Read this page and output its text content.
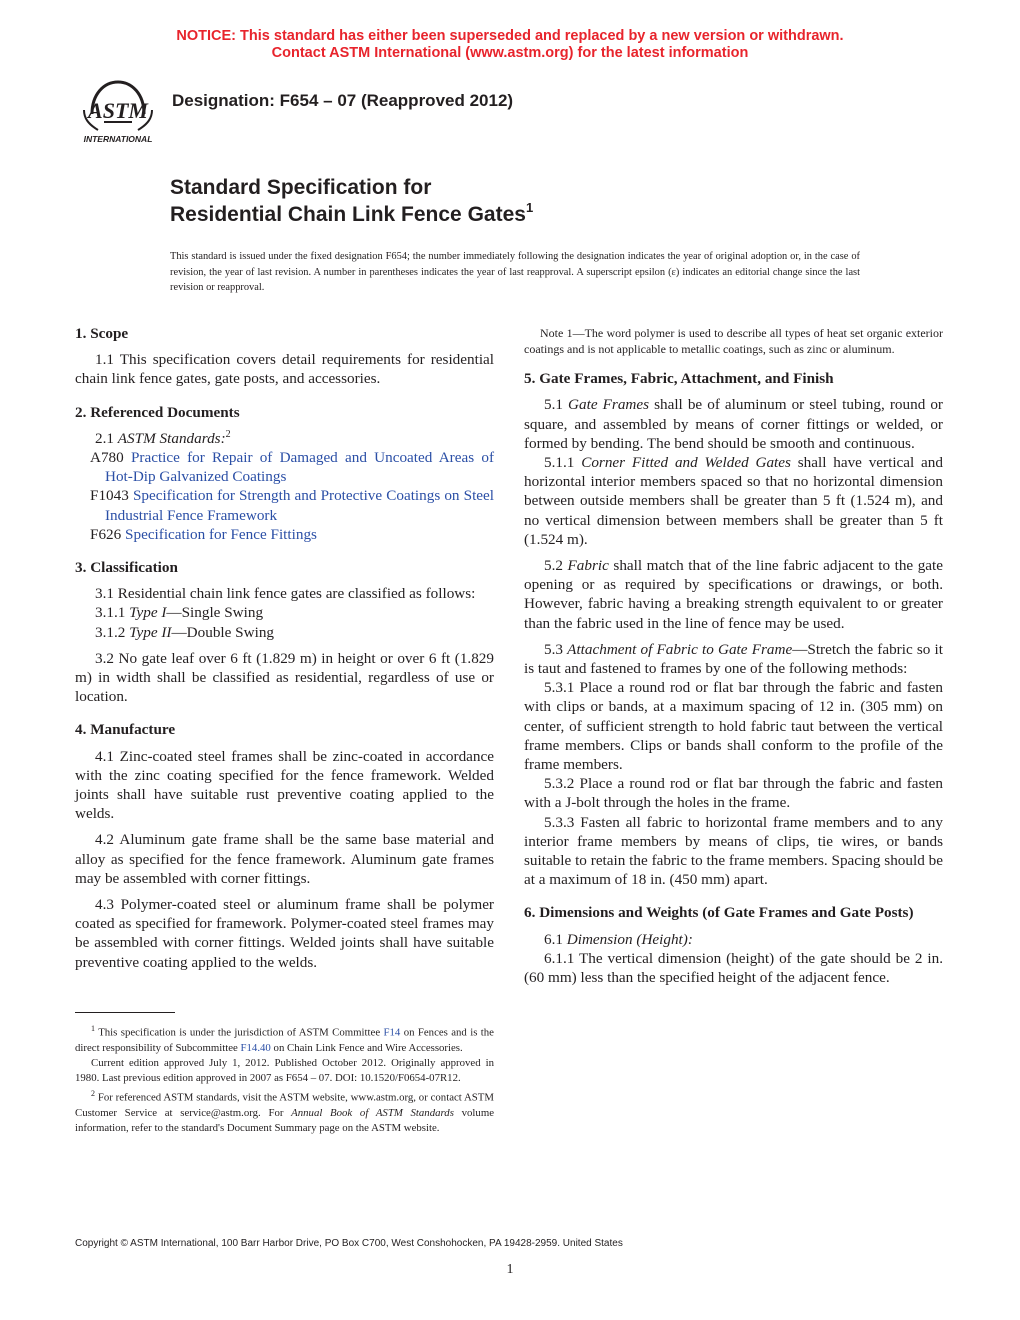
NOTICE: This standard has either been superseded and replaced by a new version or withdrawn.
Contact ASTM International (www.astm.org) for the latest information
ASTM
INTERNATIONAL
Designation: F654 – 07 (Reapproved 2012)
Standard Specification for
Residential Chain Link Fence Gates$^1$
This standard is issued under the fixed designation F654; the number immediately following the designation indicates the year of original adoption or, in the case of revision, the year of last revision. A number in parentheses indicates the year of last reapproval. A superscript epsilon (ε) indicates an editorial change since the last revision or reapproval.

1. Scope

1.1 This specification covers detail requirements for residential chain link fence gates, gate posts, and accessories.

2. Referenced Documents

2.1 ASTM Standards:$^2$

A780 Practice for Repair of Damaged and Uncoated Areas of Hot-Dip Galvanized Coatings

F1043 Specification for Strength and Protective Coatings on Steel Industrial Fence Framework

F626 Specification for Fence Fittings

3. Classification

3.1 Residential chain link fence gates are classified as follows:

3.1.1 Type I—Single Swing

3.1.2 Type II—Double Swing

3.2 No gate leaf over 6 ft (1.829 m) in height or over 6 ft (1.829 m) in width shall be classified as residential, regardless of use or location.

4. Manufacture

4.1 Zinc-coated steel frames shall be zinc-coated in accordance with the zinc coating specified for the fence framework. Welded joints shall have suitable rust preventive coating applied to the welds.

4.2 Aluminum gate frame shall be the same base material and alloy as specified for the fence framework. Aluminum gate frames may be assembled with corner fittings.

4.3 Polymer-coated steel or aluminum frame shall be polymer coated as specified for framework. Polymer-coated steel frames may be assembled with corner fittings. Welded joints shall have suitable preventive coating applied to the welds.

$^1$ This specification is under the jurisdiction of ASTM Committee F14 on Fences and is the direct responsibility of Subcommittee F14.40 on Chain Link Fence and Wire Accessories.

Current edition approved July 1, 2012. Published October 2012. Originally approved in 1980. Last previous edition approved in 2007 as F654 – 07. DOI: 10.1520/F0654-07R12.

$^2$ For referenced ASTM standards, visit the ASTM website, www.astm.org, or contact ASTM Customer Service at service@astm.org. For Annual Book of ASTM Standards volume information, refer to the standard's Document Summary page on the ASTM website.

Note 1—The word polymer is used to describe all types of heat set organic exterior coatings and is not applicable to metallic coatings, such as zinc or aluminum.

5. Gate Frames, Fabric, Attachment, and Finish

5.1 Gate Frames shall be of aluminum or steel tubing, round or square, and assembled by means of corner fittings or welded, or formed by bending. The bend should be smooth and continuous.

5.1.1 Corner Fitted and Welded Gates shall have vertical and horizontal interior members spaced so that no horizontal dimension between outside members shall be greater than 5 ft (1.524 m), and no vertical dimension between members shall be greater than 5 ft (1.524 m).

5.2 Fabric shall match that of the line fabric adjacent to the gate opening or as required by specifications or drawings, or both. However, fabric having a breaking strength equivalent to or greater than the fabric used in the line of fence may be used.

5.3 Attachment of Fabric to Gate Frame—Stretch the fabric so it is taut and fastened to frames by one of the following methods:

5.3.1 Place a round rod or flat bar through the fabric and fasten with clips or bands, at a maximum spacing of 12 in. (305 mm) on center, of sufficient strength to hold fabric taut between the vertical frame members. Clips or bands shall conform to the profile of the frame members.

5.3.2 Place a round rod or flat bar through the fabric and fasten with a J-bolt through the holes in the frame.

5.3.3 Fasten all fabric to horizontal frame members and to any interior frame members by means of clips, tie wires, or bands suitable to retain the fabric to the frame members. Spacing should be at a maximum of 18 in. (450 mm) apart.

6. Dimensions and Weights (of Gate Frames and Gate Posts)

6.1 Dimension (Height):

6.1.1 The vertical dimension (height) of the gate should be 2 in. (60 mm) less than the specified height of the adjacent fence.

Copyright © ASTM International, 100 Barr Harbor Drive, PO Box C700, West Conshohocken, PA 19428-2959. United States
1
